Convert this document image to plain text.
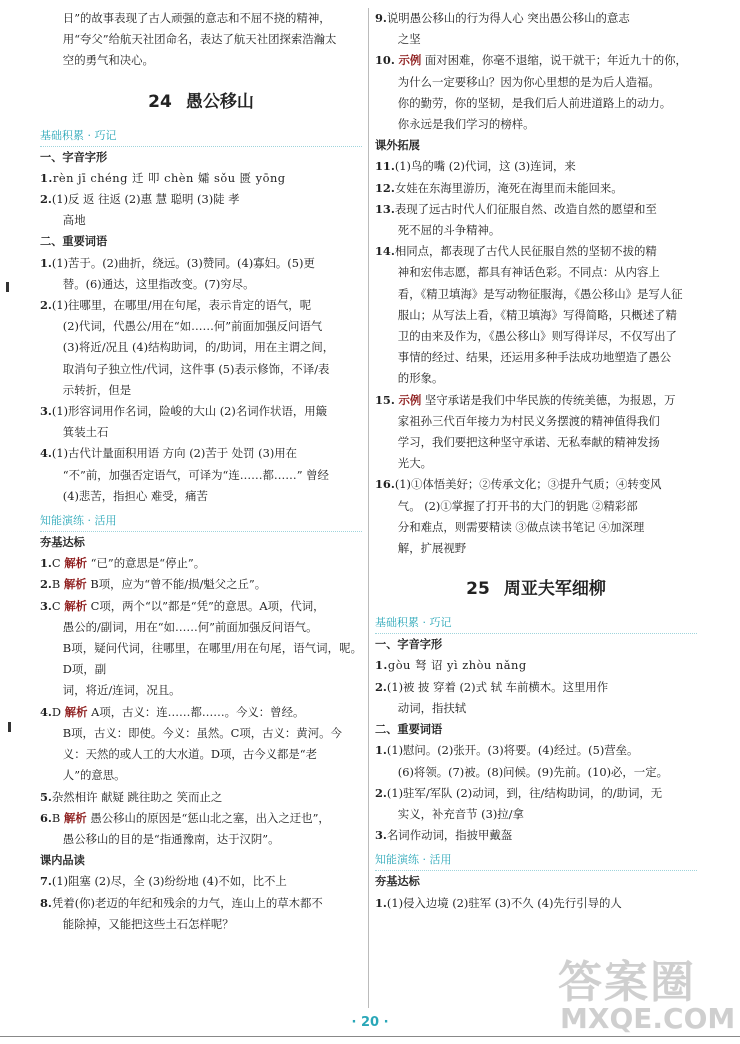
日”的故事表现了古人顽强的意志和不屈不挠的精神，

用“夸父”给航天社团命名，表达了航天社团探索浩瀚太

空的勇气和决心。

24 愚公移山
基础积累 · 巧记

一、字音字形

1.rèn jī chéng 迁 叩 chèn 孀 sǒu 匮 yōng

2.(1)反 返 往返 (2)惠 慧 聪明 (3)陡 孝
高地

二、重要词语

1.(1)苦于。(2)曲折，绕远。(3)赞同。(4)寡妇。(5)更
替。(6)通达，这里指改变。(7)穷尽。

2.(1)往哪里，在哪里/用在句尾，表示肯定的语气，呢
(2)代词，代愚公/用在“如……何”前面加强反问语气
(3)将近/况且 (4)结构助词，的/助词，用在主谓之间，
取消句子独立性/代词，这件事 (5)表示修饰，不译/表
示转折，但是

3.(1)形容词用作名词，险峻的大山 (2)名词作状语，用簸
箕装土石

4.(1)古代计量面积用语 方向 (2)苦于 处罚 (3)用在
“不”前，加强否定语气，可译为“连……都……” 曾经
(4)悲苦，指担心 难受，痛苦

知能演练 · 活用

夯基达标

1.C 解析 “已”的意思是“停止”。

2.B 解析 B项，应为“曾不能/损/魁父之丘”。

3.C 解析 C项，两个“以”都是“凭”的意思。A项，代词，
愚公的/副词，用在“如……何”前面加强反问语气。
B项，疑问代词，往哪里，在哪里/用在句尾，语气词，呢。D项，副
词，将近/连词，况且。

4.D 解析 A项，古义：连……都……。今义：曾经。
B项，古义：即使。今义：虽然。C项，古义：黄河。今
义：天然的或人工的大水道。D项，古今义都是“老
人”的意思。

5.杂然相许 献疑 跳往助之 笑而止之

6.B 解析 愚公移山的原因是“惩山北之塞，出入之迂也”，
愚公移山的目的是“指通豫南，达于汉阴”。

课内品读

7.(1)阻塞 (2)尽，全 (3)纷纷地 (4)不如，比不上

8.凭着(你)老迈的年纪和残余的力气，连山上的草木都不
能除掉，又能把这些土石怎样呢？

9.说明愚公移山的行为得人心 突出愚公移山的意志
之坚

10. 示例 面对困难，你毫不退缩，说干就干；年近九十的你，
为什么一定要移山？因为你心里想的是为后人造福。
你的勤劳，你的坚韧，是我们后人前进道路上的动力。
你永远是我们学习的榜样。

课外拓展

11.(1)鸟的嘴 (2)代词，这 (3)连词，来

12.女娃在东海里游历，淹死在海里而未能回来。

13.表现了远古时代人们征服自然、改造自然的愿望和至
死不屈的斗争精神。

14.相同点，都表现了古代人民征服自然的坚韧不拔的精
神和宏伟志愿，都具有神话色彩。不同点：从内容上
看，《精卫填海》是写动物征服海，《愚公移山》是写人征
服山；从写法上看，《精卫填海》写得简略，只概述了精
卫的由来及作为，《愚公移山》则写得详尽，不仅写出了
事情的经过、结果，还运用多种手法成功地塑造了愚公
的形象。

15. 示例 坚守承诺是我们中华民族的传统美德，为报恩，万
家祖孙三代百年接力为村民义务摆渡的精神值得我们
学习，我们要把这种坚守承诺、无私奉献的精神发扬
光大。

16.(1)①体悟美好；②传承文化；③提升气质；④转变风
气。 (2)①掌握了打开书的大门的钥匙 ②精彩部
分和难点，则需要精读 ③做点读书笔记 ④加深理
解，扩展视野

25 周亚夫军细柳
基础积累 · 巧记

一、字音字形

1.gòu 弩 诏 yì zhòu nǎng

2.(1)被 披 穿着 (2)式 轼 车前横木。这里用作
动词，指扶轼

二、重要词语

1.(1)慰问。(2)张开。(3)将要。(4)经过。(5)营垒。
(6)将领。(7)被。(8)问候。(9)先前。(10)必，一定。

2.(1)驻军/军队 (2)动词，到，往/结构助词，的/助词，无
实义，补充音节 (3)拉/拿

3.名词作动词，指披甲戴盔

知能演练 · 活用

夯基达标

1.(1)侵入边境 (2)驻军 (3)不久 (4)先行引导的人

· 20 ·
答案圈
MXQE.COM
